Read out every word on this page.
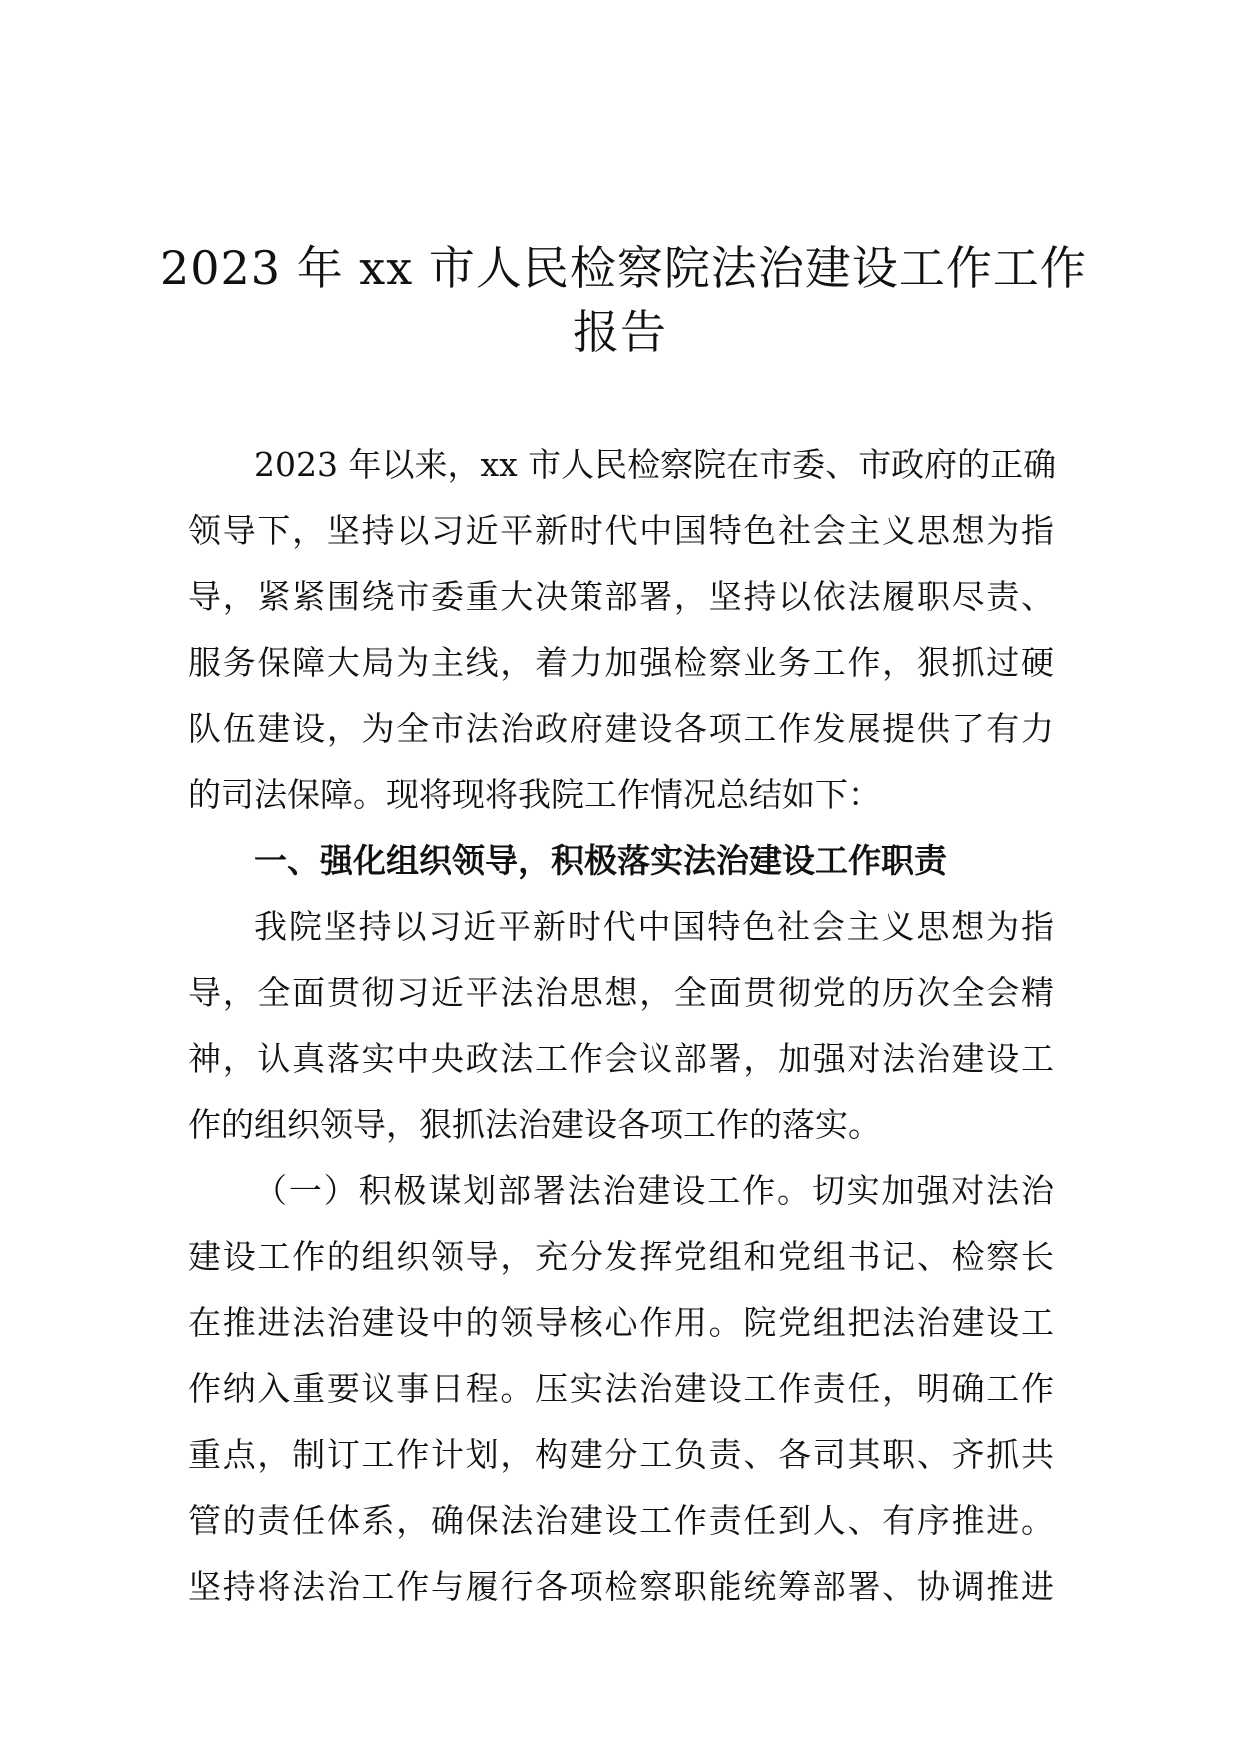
2023 年 xx 市人民检察院法治建设工作工作
报告
2023 年以来，xx 市人民检察院在市委、市政府的正确
领导下，坚持以习近平新时代中国特色社会主义思想为指
导，紧紧围绕市委重大决策部署，坚持以依法履职尽责、
服务保障大局为主线，着力加强检察业务工作，狠抓过硬
队伍建设，为全市法治政府建设各项工作发展提供了有力
的司法保障。现将现将我院工作情况总结如下：
一、强化组织领导，积极落实法治建设工作职责
我院坚持以习近平新时代中国特色社会主义思想为指
导，全面贯彻习近平法治思想，全面贯彻党的历次全会精
神，认真落实中央政法工作会议部署，加强对法治建设工
作的组织领导，狠抓法治建设各项工作的落实。
（一）积极谋划部署法治建设工作。切实加强对法治
建设工作的组织领导，充分发挥党组和党组书记、检察长
在推进法治建设中的领导核心作用。院党组把法治建设工
作纳入重要议事日程。压实法治建设工作责任，明确工作
重点，制订工作计划，构建分工负责、各司其职、齐抓共
管的责任体系，确保法治建设工作责任到人、有序推进。
坚持将法治工作与履行各项检察职能统筹部署、协调推进
